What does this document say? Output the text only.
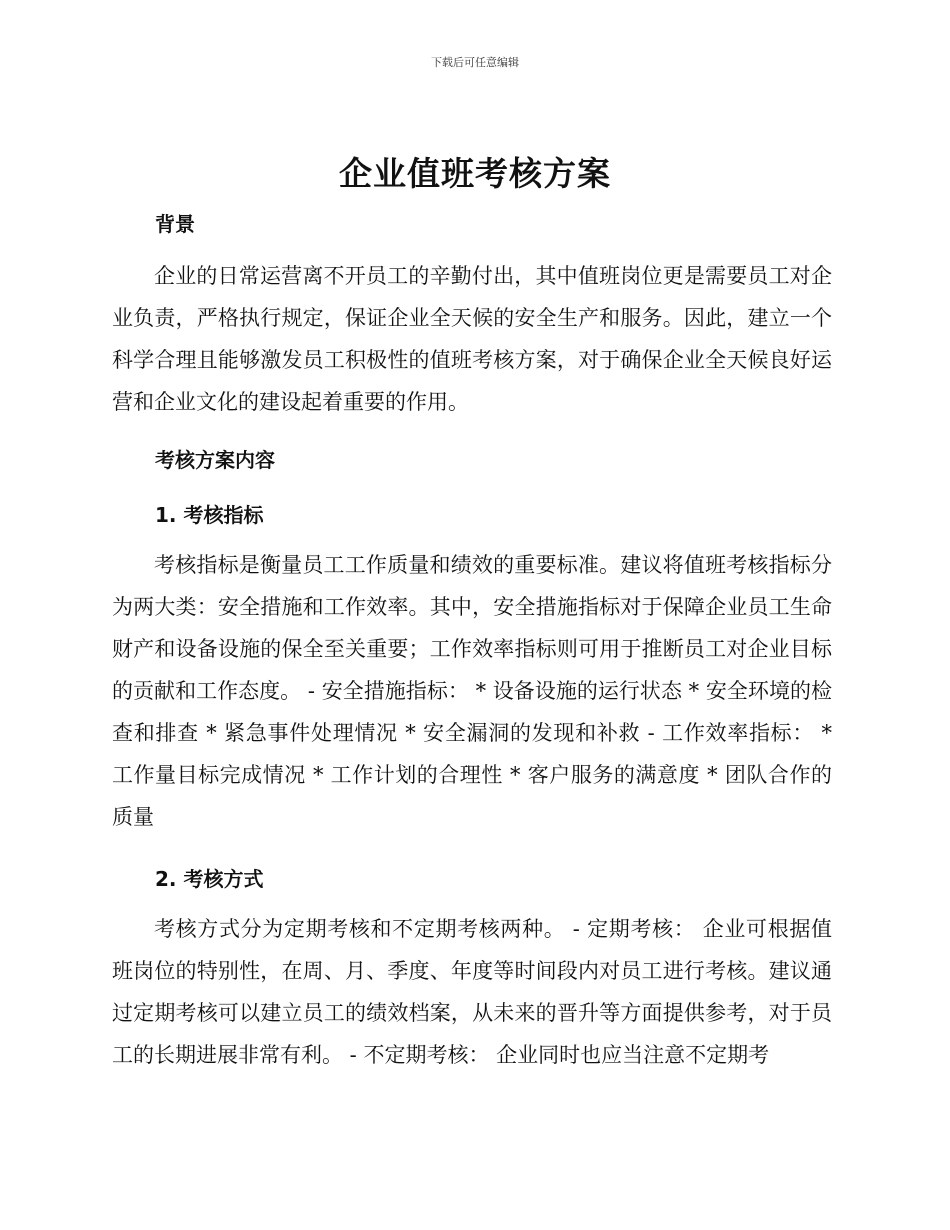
下载后可任意编辑
企业值班考核方案
背景
企业的日常运营离不开员工的辛勤付出，其中值班岗位更是需要员工对企业负责，严格执行规定，保证企业全天候的安全生产和服务。因此，建立一个科学合理且能够激发员工积极性的值班考核方案，对于确保企业全天候良好运营和企业文化的建设起着重要的作用。
考核方案内容
1. 考核指标
考核指标是衡量员工工作质量和绩效的重要标准。建议将值班考核指标分为两大类：安全措施和工作效率。其中，安全措施指标对于保障企业员工生命财产和设备设施的保全至关重要；工作效率指标则可用于推断员工对企业目标的贡献和工作态度。 - 安全措施指标： * 设备设施的运行状态 * 安全环境的检查和排查 * 紧急事件处理情况 * 安全漏洞的发现和补救 - 工作效率指标： * 工作量目标完成情况 * 工作计划的合理性 * 客户服务的满意度 * 团队合作的质量
2. 考核方式
考核方式分为定期考核和不定期考核两种。 - 定期考核： 企业可根据值班岗位的特别性，在周、月、季度、年度等时间段内对员工进行考核。建议通过定期考核可以建立员工的绩效档案，从未来的晋升等方面提供参考，对于员工的长期进展非常有利。 - 不定期考核： 企业同时也应当注意不定期考
